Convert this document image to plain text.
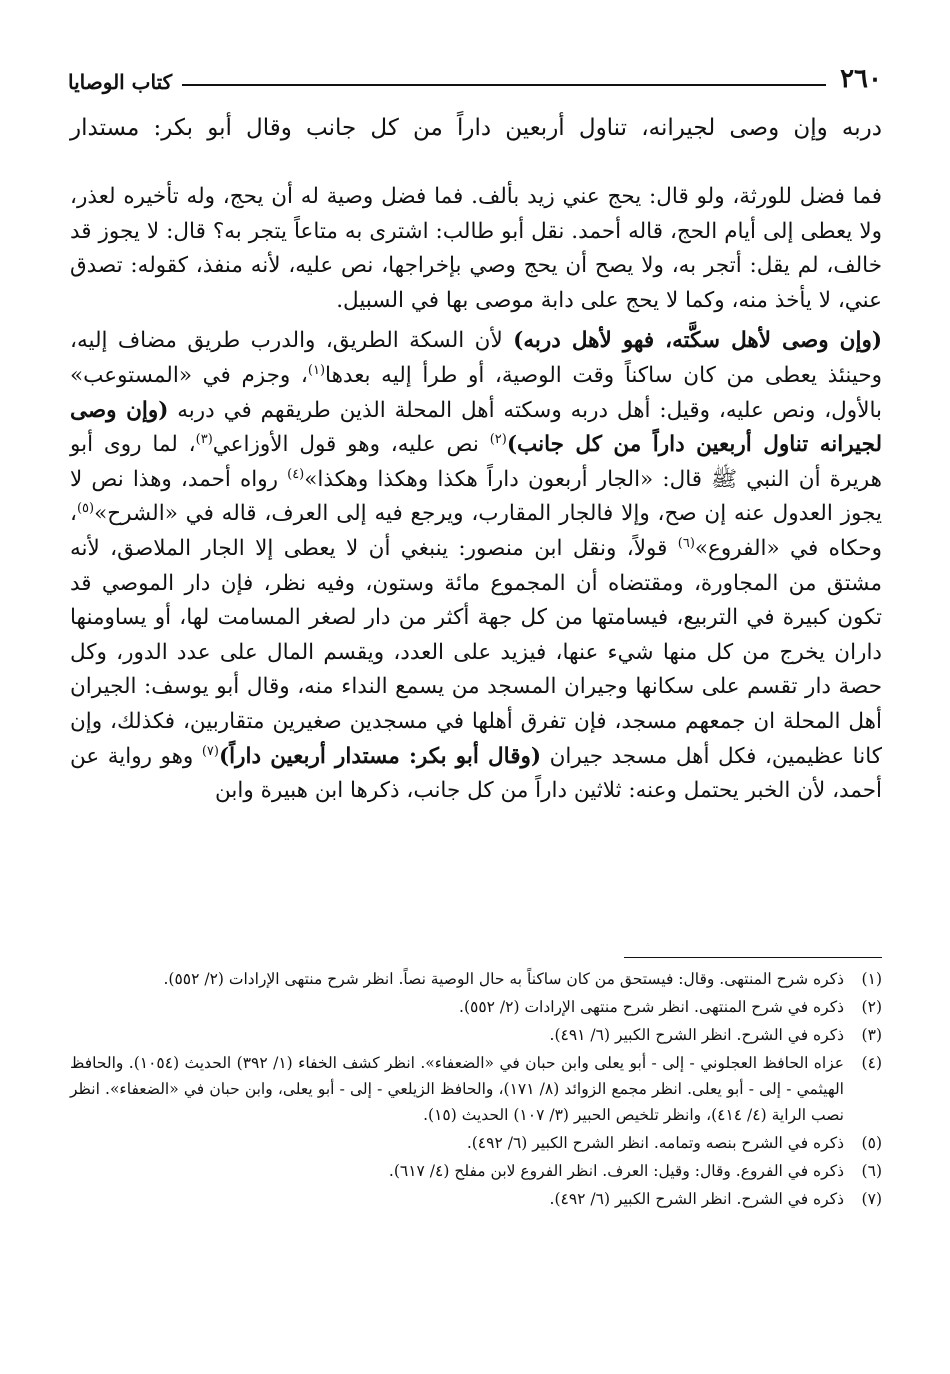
٢٦٠
كتاب الوصايا
دربه وإن وصى لجيرانه، تناول أربعين داراً من كل جانب وقال أبو بكر: مستدار

فما فضل للورثة، ولو قال: يحج عني زيد بألف. فما فضل وصية له أن يحج، وله تأخيره لعذر، ولا يعطى إلى أيام الحج، قاله أحمد. نقل أبو طالب: اشترى به متاعاً يتجر به؟ قال: لا يجوز قد خالف، لم يقل: أتجر به، ولا يصح أن يحج وصي بإخراجها، نص عليه، لأنه منفذ، كقوله: تصدق عني، لا يأخذ منه، وكما لا يحج على دابة موصى بها في السبيل.

(وإن وصى لأهل سكَّته، فهو لأهل دربه) لأن السكة الطريق، والدرب طريق مضاف إليه، وحينئذ يعطى من كان ساكناً وقت الوصية، أو طرأ إليه بعدها$^{(١)}$، وجزم في «المستوعب» بالأول، ونص عليه، وقيل: أهل دربه وسكته أهل المحلة الذين طريقهم في دربه (وإن وصى لجيرانه تناول أربعين داراً من كل جانب)$^{(٢)}$ نص عليه، وهو قول الأوزاعي$^{(٣)}$، لما روى أبو هريرة أن النبي ﷺ قال: «الجار أربعون داراً هكذا وهكذا وهكذا»$^{(٤)}$ رواه أحمد، وهذا نص لا يجوز العدول عنه إن صح، وإلا فالجار المقارب، ويرجع فيه إلى العرف، قاله في «الشرح»$^{(٥)}$، وحكاه في «الفروع»$^{(٦)}$ قولاً، ونقل ابن منصور: ينبغي أن لا يعطى إلا الجار الملاصق، لأنه مشتق من المجاورة، ومقتضاه أن المجموع مائة وستون، وفيه نظر، فإن دار الموصي قد تكون كبيرة في التربيع، فيسامتها من كل جهة أكثر من دار لصغر المسامت لها، أو يساومنها داران يخرج من كل منها شيء عنها، فيزيد على العدد، ويقسم المال على عدد الدور، وكل حصة دار تقسم على سكانها وجيران المسجد من يسمع النداء منه، وقال أبو يوسف: الجيران أهل المحلة ان جمعهم مسجد، فإن تفرق أهلها في مسجدين صغيرين متقاربين، فكذلك، وإن كانا عظيمين، فكل أهل مسجد جيران (وقال أبو بكر: مستدار أربعين داراً)$^{(٧)}$ وهو رواية عن أحمد، لأن الخبر يحتمل وعنه: ثلاثين داراً من كل جانب، ذكرها ابن هبيرة وابن

(١)
ذكره شرح المنتهى. وقال: فيستحق من كان ساكناً به حال الوصية نصاً. انظر شرح منتهى الإرادات (٢/ ٥٥٢).
(٢)
ذكره في شرح المنتهى. انظر شرح منتهى الإرادات (٢/ ٥٥٢).
(٣)
ذكره في الشرح. انظر الشرح الكبير (٦/ ٤٩١).
(٤)
عزاه الحافظ العجلوني - إلى - أبو يعلى وابن حبان في «الضعفاء». انظر كشف الخفاء (١/ ٣٩٢) الحديث (١٠٥٤). والحافظ الهيثمي - إلى - أبو يعلى. انظر مجمع الزوائد (٨/ ١٧١)، والحافظ الزيلعي - إلى - أبو يعلى، وابن حبان في «الضعفاء». انظر نصب الراية (٤/ ٤١٤)، وانظر تلخيص الحبير (٣/ ١٠٧) الحديث (١٥).
(٥)
ذكره في الشرح بنصه وتمامه. انظر الشرح الكبير (٦/ ٤٩٢).
(٦)
ذكره في الفروع. وقال: وقيل: العرف. انظر الفروع لابن مفلح (٤/ ٦١٧).
(٧)
ذكره في الشرح. انظر الشرح الكبير (٦/ ٤٩٢).
